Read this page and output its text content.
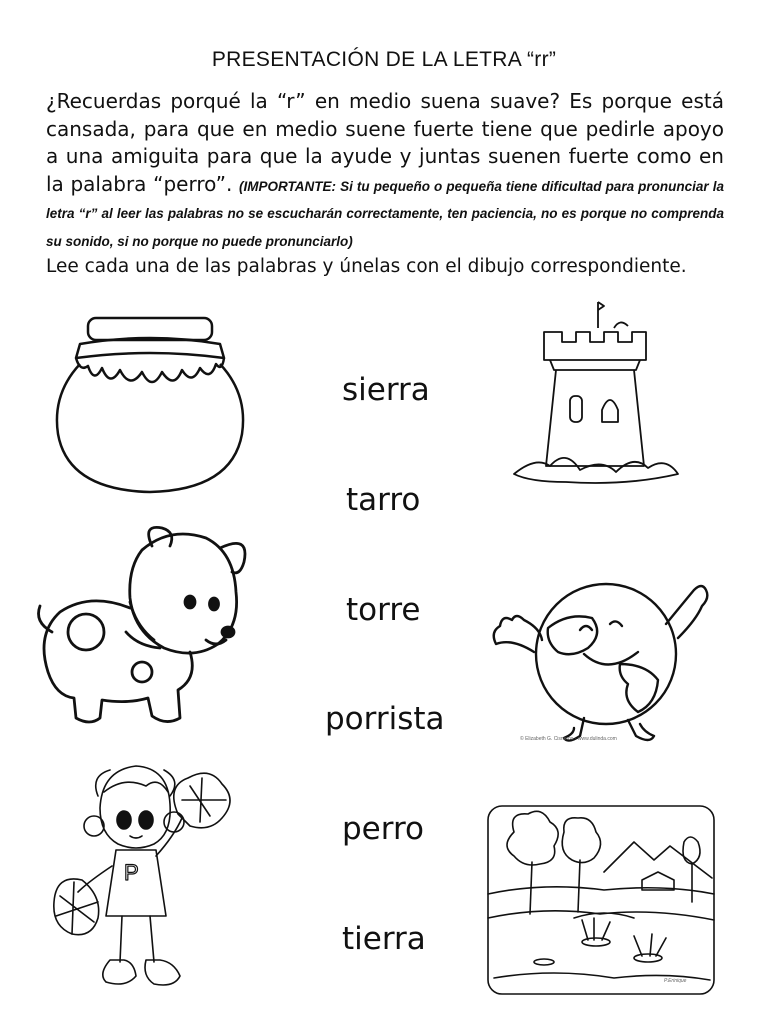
PRESENTACIÓN DE LA LETRA “rr”
¿Recuerdas porqué la “r” en medio suena suave? Es porque está cansada, para que en medio suene fuerte tiene que pedirle apoyo a una amiguita para que la ayude y juntas suenen fuerte como en la palabra “perro”. (IMPORTANTE: Si tu pequeño o pequeña tiene dificultad para pronunciar la letra “r” al leer las palabras no se escucharán correctamente, ten paciencia, no es porque no comprenda su sonido, si no porque no puede pronunciarlo)
Lee cada una de las palabras y únelas con el dibujo correspondiente.
sierra
tarro
torre
porrista
perro
tierra
© Elizabeth G. Cisneros · www.dulinda.com
P
P.Erinique
